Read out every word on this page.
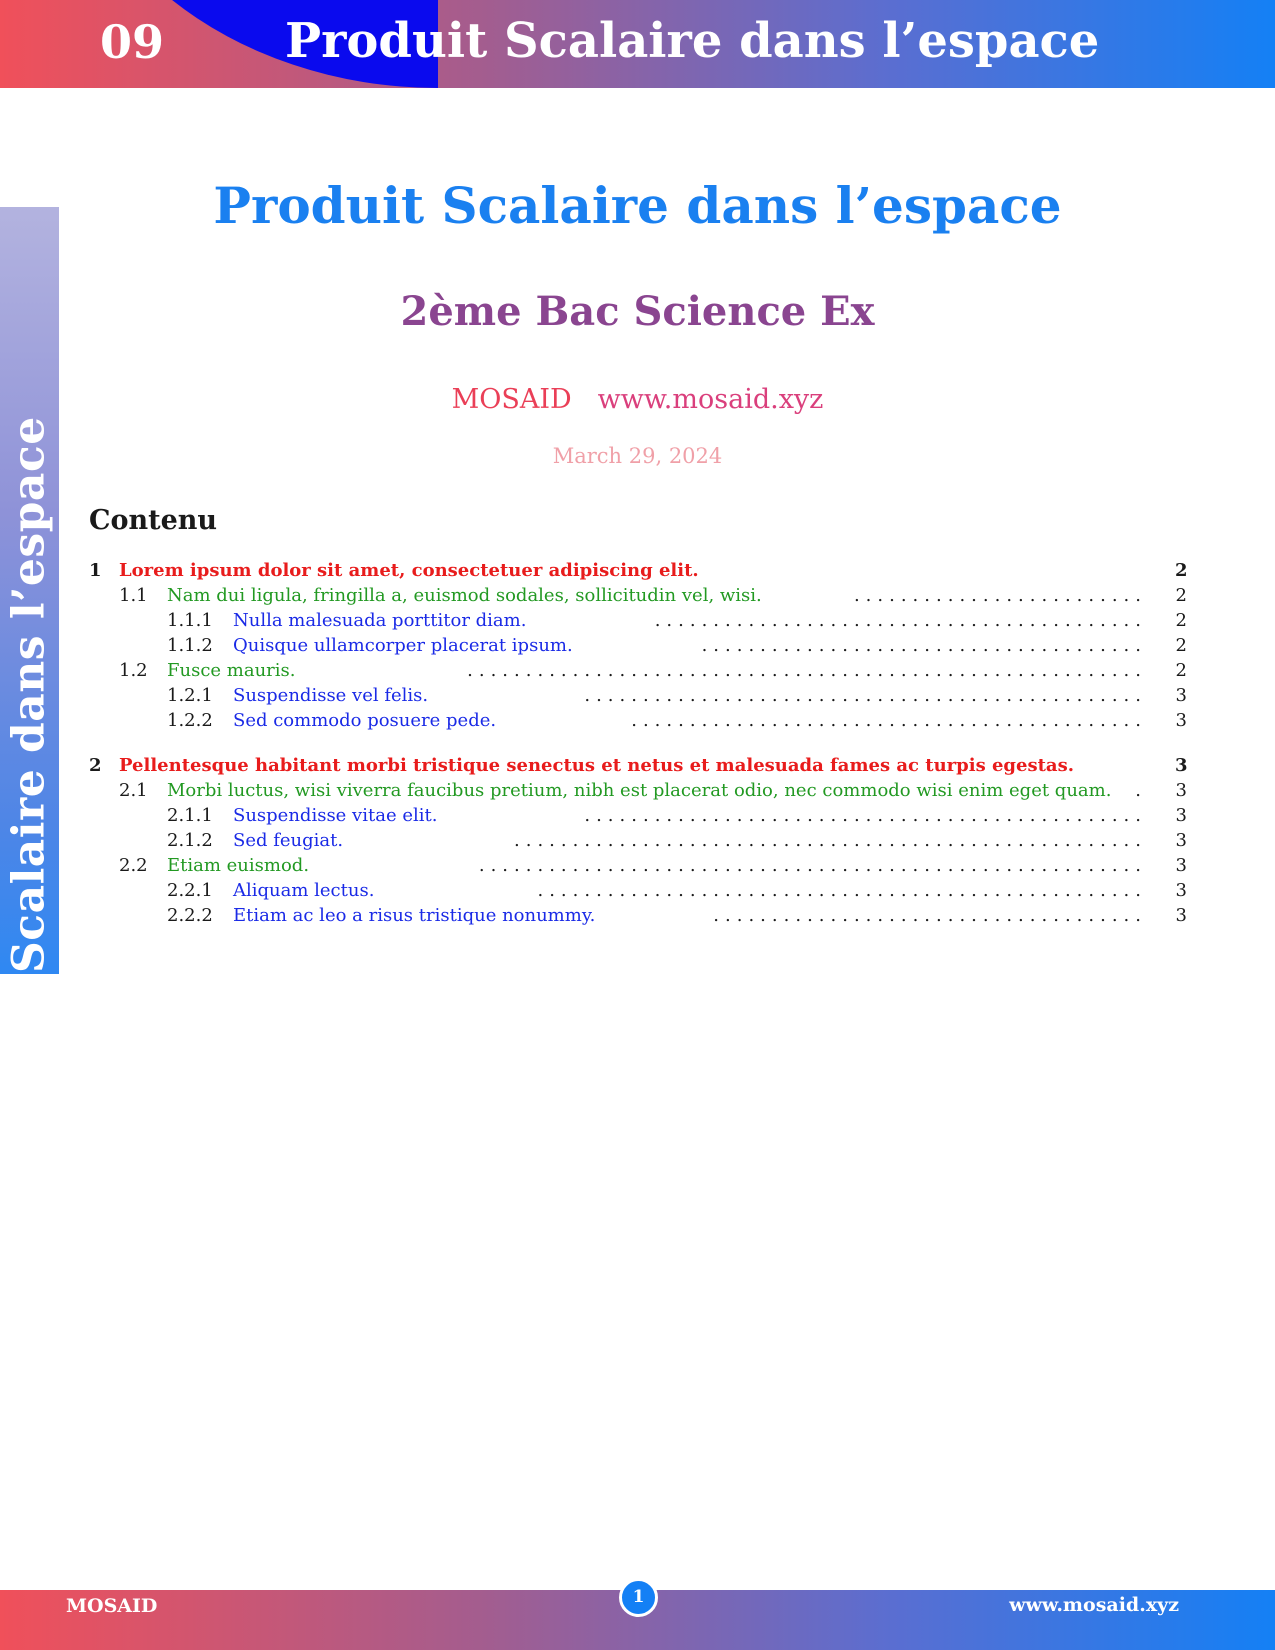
09	Produit Scalaire dans l’espace
Produit Scalaire dans l’espace
Produit Scalaire dans l’espace
2ème Bac Science Ex
MOSAID www.mosaid.xyz
March 29, 2024
Contenu
1 Lorem ipsum dolor sit amet, consectetuer adipiscing elit.	2
1.1 Nam dui ligula, fringilla a, euismod sodales, sollicitudin vel, wisi.	......................... 2
1.1.1 Nulla malesuada porttitor diam.	.......................................... 2
1.1.2 Quisque ullamcorper placerat ipsum.	...................................... 2
1.2 Fusce mauris.	.......................................................... 2
1.2.1 Suspendisse vel felis.	................................................ 3
1.2.2 Sed commodo posuere pede.	............................................ 3
2 Pellentesque habitant morbi tristique senectus et netus et malesuada fames ac turpis egestas.	3
2.1 Morbi luctus, wisi viverra faucibus pretium, nibh est placerat odio, nec commodo wisi enim eget quam.	. 3
2.1.1 Suspendisse vitae elit.	................................................ 3
2.1.2 Sed feugiat.	...................................................... 3
2.2 Etiam euismod.	......................................................... 3
2.2.1 Aliquam lectus.	.................................................... 3
2.2.2 Etiam ac leo a risus tristique nonummy.	..................................... 3
MOSAID	1	www.mosaid.xyz
